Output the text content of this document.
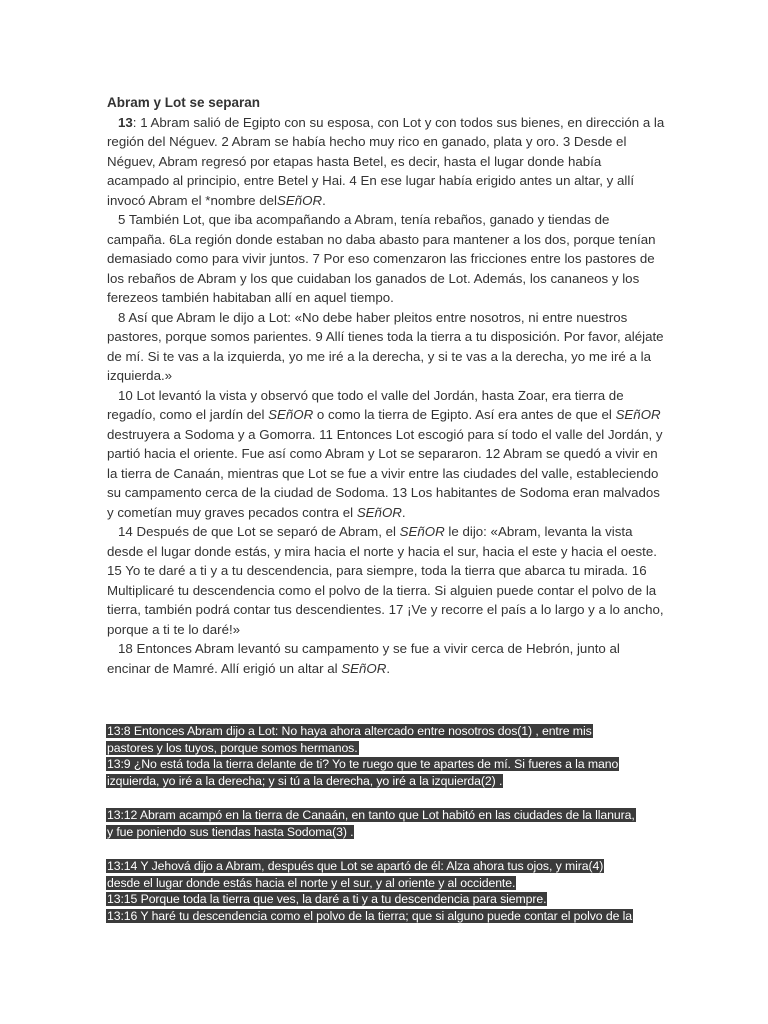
Abram y Lot se separan

13: 1 Abram salió de Egipto con su esposa, con Lot y con todos sus bienes, en dirección a la región del Néguev. 2 Abram se había hecho muy rico en ganado, plata y oro. 3 Desde el Néguev, Abram regresó por etapas hasta Betel, es decir, hasta el lugar donde había acampado al principio, entre Betel y Hai. 4 En ese lugar había erigido antes un altar, y allí invocó Abram el *nombre delSEñOR.

5 También Lot, que iba acompañando a Abram, tenía rebaños, ganado y tiendas de campaña. 6La región donde estaban no daba abasto para mantener a los dos, porque tenían demasiado como para vivir juntos. 7 Por eso comenzaron las fricciones entre los pastores de los rebaños de Abram y los que cuidaban los ganados de Lot. Además, los cananeos y los ferezeos también habitaban allí en aquel tiempo.

8 Así que Abram le dijo a Lot: «No debe haber pleitos entre nosotros, ni entre nuestros pastores, porque somos parientes. 9 Allí tienes toda la tierra a tu disposición. Por favor, aléjate de mí. Si te vas a la izquierda, yo me iré a la derecha, y si te vas a la derecha, yo me iré a la izquierda.»

10 Lot levantó la vista y observó que todo el valle del Jordán, hasta Zoar, era tierra de regadío, como el jardín del SEñOR o como la tierra de Egipto. Así era antes de que el SEñOR destruyera a Sodoma y a Gomorra. 11 Entonces Lot escogió para sí todo el valle del Jordán, y partió hacia el oriente. Fue así como Abram y Lot se separaron. 12 Abram se quedó a vivir en la tierra de Canaán, mientras que Lot se fue a vivir entre las ciudades del valle, estableciendo su campamento cerca de la ciudad de Sodoma. 13 Los habitantes de Sodoma eran malvados y cometían muy graves pecados contra el SEñOR.

14 Después de que Lot se separó de Abram, el SEñOR le dijo: «Abram, levanta la vista desde el lugar donde estás, y mira hacia el norte y hacia el sur, hacia el este y hacia el oeste. 15 Yo te daré a ti y a tu descendencia, para siempre, toda la tierra que abarca tu mirada. 16 Multiplicaré tu descendencia como el polvo de la tierra. Si alguien puede contar el polvo de la tierra, también podrá contar tus descendientes. 17 ¡Ve y recorre el país a lo largo y a lo ancho, porque a ti te lo daré!»

18 Entonces Abram levantó su campamento y se fue a vivir cerca de Hebrón, junto al encinar de Mamré. Allí erigió un altar al SEñOR.

13:8 Entonces Abram dijo a Lot: No haya ahora altercado entre nosotros dos(1) , entre mis
pastores y los tuyos, porque somos hermanos.
13:9 ¿No está toda la tierra delante de ti? Yo te ruego que te apartes de mí. Si fueres a la mano
izquierda, yo iré a la derecha; y si tú a la derecha, yo iré a la izquierda(2) .
13:12 Abram acampó en la tierra de Canaán, en tanto que Lot habitó en las ciudades de la llanura,
y fue poniendo sus tiendas hasta Sodoma(3) .
13:14 Y Jehová dijo a Abram, después que Lot se apartó de él: Alza ahora tus ojos, y mira(4)
desde el lugar donde estás hacia el norte y el sur, y al oriente y al occidente.
13:15 Porque toda la tierra que ves, la daré a ti y a tu descendencia para siempre.
13:16 Y haré tu descendencia como el polvo de la tierra; que si alguno puede contar el polvo de la
